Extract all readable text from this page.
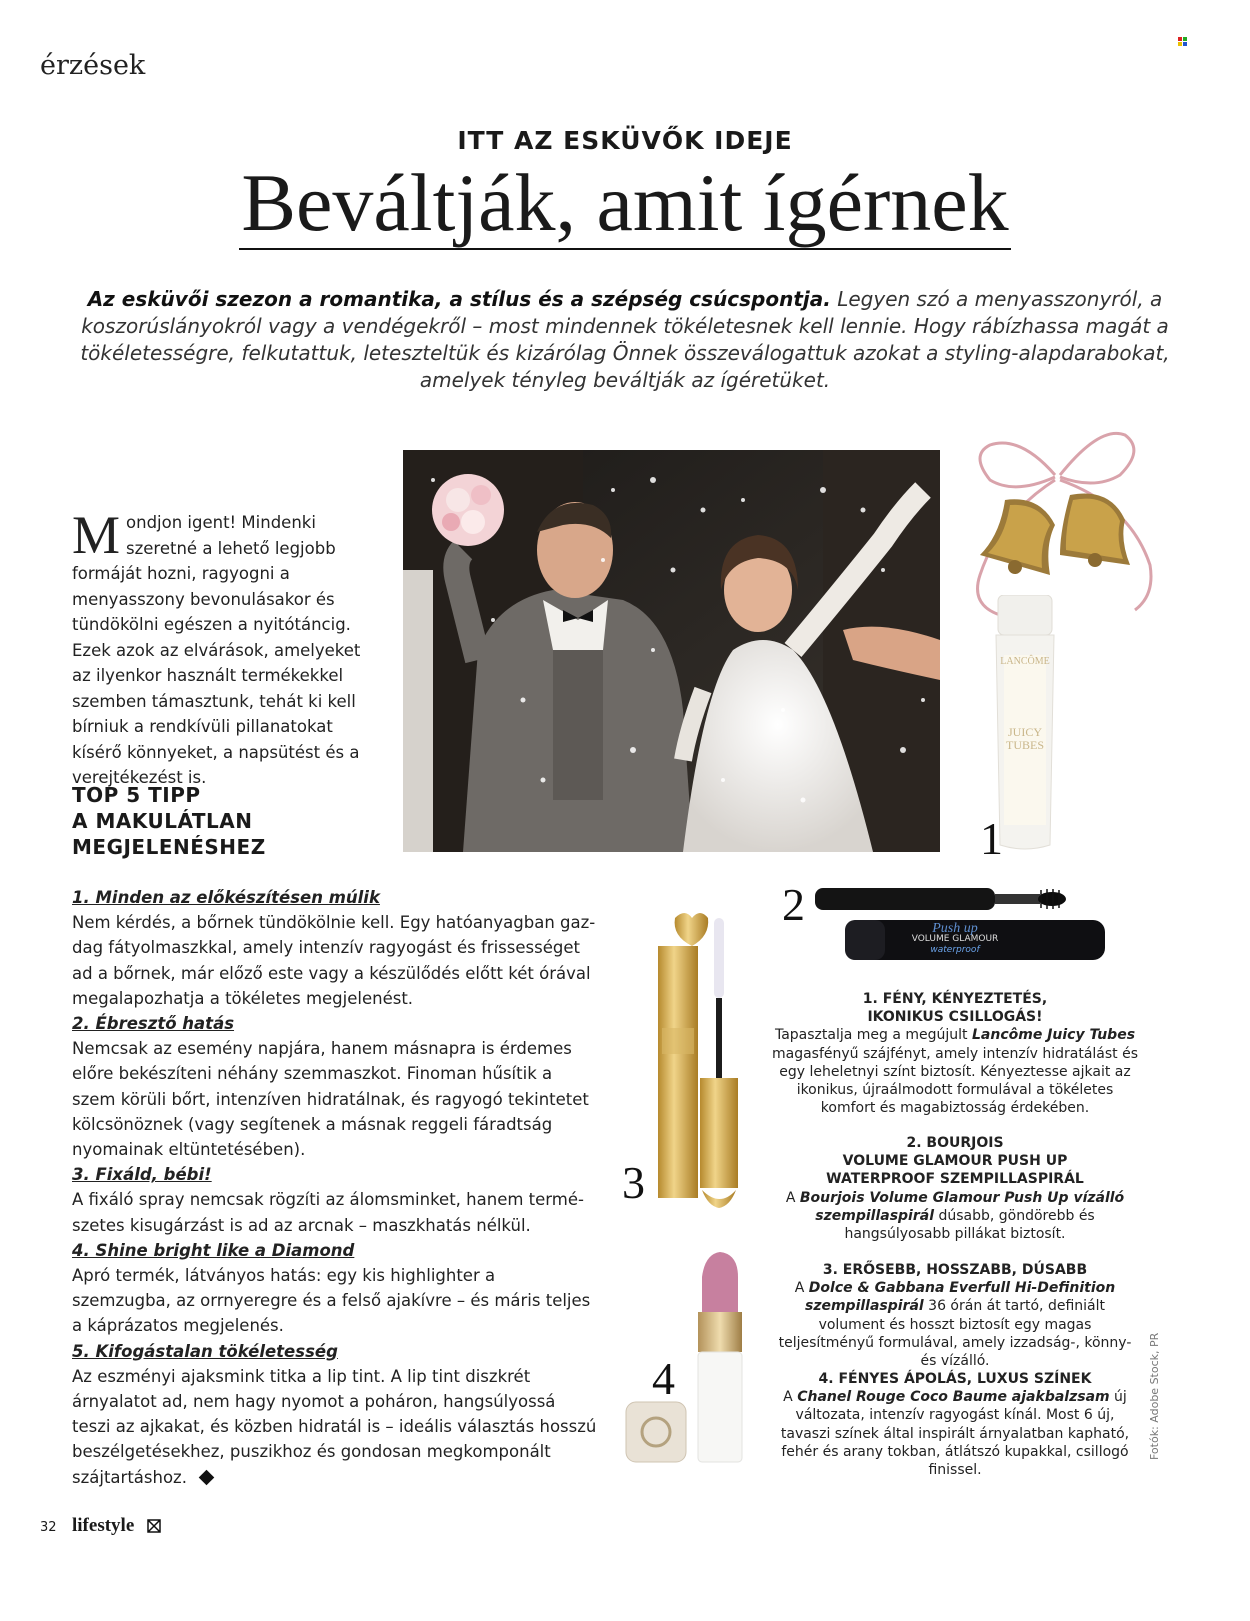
érzések
ITT AZ ESKÜVŐK IDEJE
Beváltják, amit ígérnek
Az esküvői szezon a romantika, a stílus és a szépség csúcspontja. Legyen szó a menyasszonyról, a koszorúslányokról vagy a vendégekről – most mindennek tökéletesnek kell lennie. Hogy rábízhassa magát a tökéletességre, felkutattuk, leteszteltük és kizárólag Önnek összeválogattuk azokat a styling-alapdarabokat, amelyek tényleg beváltják az ígéretüket.
Mondjon igent! Mindenki szeretné a lehető legjobb formáját hozni, ragyogni a menyasszony bevonulásakor és tündökölni egészen a nyitótáncig. Ezek azok az elvárások, amelyeket az ilyenkor használt termékekkel szemben támasztunk, tehát ki kell bírniuk a rendkívüli pillanatokat kísérő könnyeket, a napsütést és a verejtékezést is.
TOP 5 TIPP
A MAKULÁTLAN
MEGJELENÉSHEZ
LANCÔME
JUICY TUBES
1
2	Push up
VOLUME GLAMOUR
waterproof
3
4
1. FÉNY, KÉNYEZTETÉS,
IKONIKUS CSILLOGÁS!
Tapasztalja meg a megújult Lancôme Juicy Tubes magasfényű szájfényt, amely intenzív hidratálást és egy leheletnyi színt biztosít. Kényeztesse ajkait az ikonikus, újraálmodott formulával a tökéletes komfort és magabiztosság érdekében.
2. BOURJOIS
VOLUME GLAMOUR PUSH UP WATERPROOF SZEMPILLASPIRÁL
A Bourjois Volume Glamour Push Up vízálló szempillaspirál dúsabb, göndörebb és hangsúlyosabb pillákat biztosít.
3. ERŐSEBB, HOSSZABB, DÚSABB
A Dolce & Gabbana Everfull Hi-Definition szempillaspirál 36 órán át tartó, definiált volument és hosszt biztosít egy magas teljesítményű formulával, amely izzadság-, könny- és vízálló.
4. FÉNYES ÁPOLÁS, LUXUS SZÍNEK
A Chanel Rouge Coco Baume ajakbalzsam új változata, intenzív ragyogást kínál. Most 6 új, tavaszi színek által inspirált árnyalatban kapható, fehér és arany tokban, átlátszó kupakkal, csillogó finissel.

1. Minden az előkészítésen múlik

Nem kérdés, a bőrnek tündökölnie kell. Egy hatóanyagban gazdag fátyolmaszkkal, amely intenzív ragyogást és frissességet ad a bőrnek, már előző este vagy a készülődés előtt két órával megalapozhatja a tökéletes megjelenést.

2. Ébresztő hatás

Nemcsak az esemény napjára, hanem másnapra is érdemes előre bekészíteni néhány szemmaszkot. Finoman hűsítik a szem körüli bőrt, intenzíven hidratálnak, és ragyogó tekintetet kölcsönöznek (vagy segítenek a másnak reggeli fáradtság nyomainak eltüntetésében).

3. Fixáld, bébi!

A fixáló spray nemcsak rögzíti az álomsminket, hanem természetes kisugárzást is ad az arcnak – maszkhatás nélkül.

4. Shine bright like a Diamond

Apró termék, látványos hatás: egy kis highlighter a szemzugba, az orrnyeregre és a felső ajakívre – és máris teljes a káprázatos megjelenés.

5. Kifogástalan tökéletesség

Az eszményi ajaksmink titka a lip tint. A lip tint diszkrét árnyalatot ad, nem hagy nyomot a poháron, hangsúlyossá teszi az ajkakat, és közben hidratál is – ideális választás hosszú beszélgetésekhez, puszikhoz és gondosan megkomponált szájtartáshoz.

Fotók: Adobe Stock, PR
32 lifestyle
